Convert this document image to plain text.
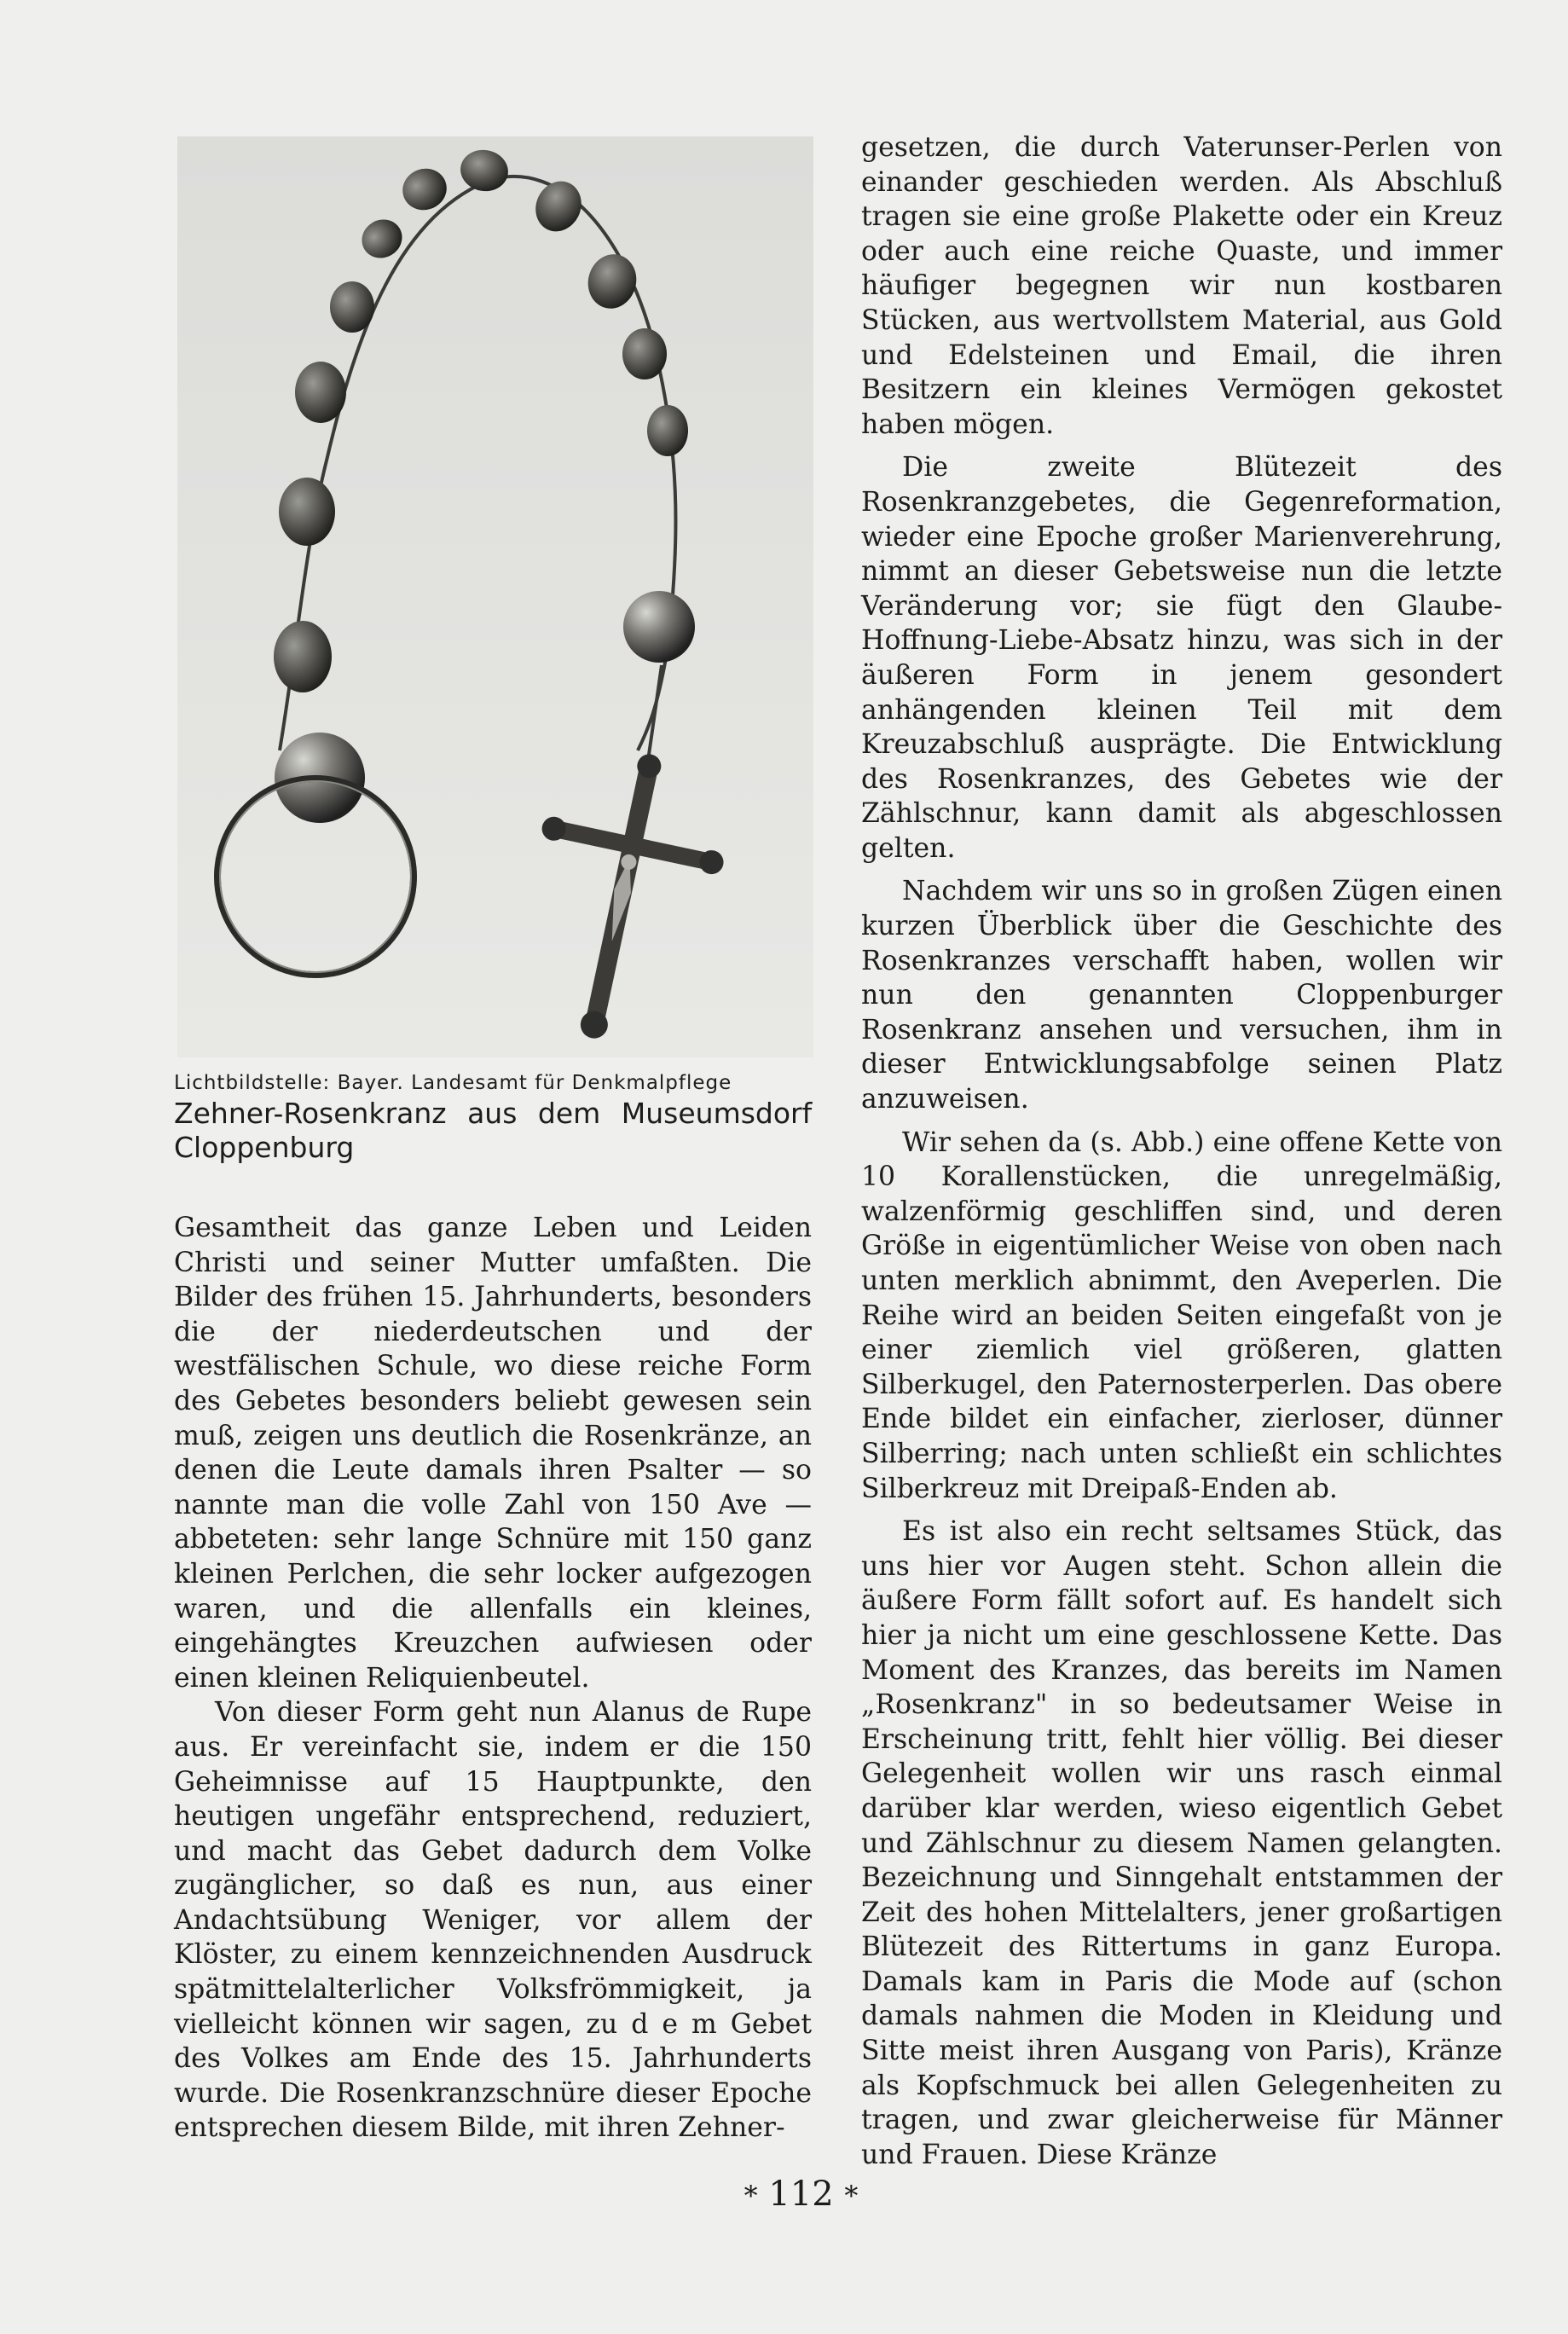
Lichtbildstelle: Bayer. Landesamt für Denkmalpflege
Zehner-Rosenkranz aus dem Museumsdorf Cloppenburg

Gesamtheit das ganze Leben und Leiden Christi und seiner Mutter umfaßten. Die Bilder des frühen 15. Jahrhunderts, besonders die der niederdeutschen und der westfälischen Schule, wo diese reiche Form des Gebetes besonders beliebt gewesen sein muß, zeigen uns deutlich die Rosenkränze, an denen die Leute damals ihren Psalter — so nannte man die volle Zahl von 150 Ave — abbeteten: sehr lange Schnüre mit 150 ganz kleinen Perlchen, die sehr locker aufgezogen waren, und die allenfalls ein kleines, eingehängtes Kreuzchen aufwiesen oder einen kleinen Reliquienbeutel.

Von dieser Form geht nun Alanus de Rupe aus. Er vereinfacht sie, indem er die 150 Geheimnisse auf 15 Hauptpunkte, den heutigen ungefähr entsprechend, reduziert, und macht das Gebet dadurch dem Volke zugänglicher, so daß es nun, aus einer Andachtsübung Weniger, vor allem der Klöster, zu einem kennzeichnenden Ausdruck spätmittelalterlicher Volksfrömmigkeit, ja vielleicht können wir sagen, zu d e m Gebet des Volkes am Ende des 15. Jahrhunderts wurde. Die Rosenkranzschnüre dieser Epoche entsprechen diesem Bilde, mit ihren Zehner-

gesetzen, die durch Vaterunser-Perlen von einander geschieden werden. Als Abschluß tragen sie eine große Plakette oder ein Kreuz oder auch eine reiche Quaste, und immer häufiger begegnen wir nun kostbaren Stücken, aus wertvollstem Material, aus Gold und Edelsteinen und Email, die ihren Besitzern ein kleines Vermögen gekostet haben mögen.

Die zweite Blütezeit des Rosenkranzgebetes, die Gegenreformation, wieder eine Epoche großer Marienverehrung, nimmt an dieser Gebetsweise nun die letzte Veränderung vor; sie fügt den Glaube-Hoffnung-Liebe-Absatz hinzu, was sich in der äußeren Form in jenem gesondert anhängenden kleinen Teil mit dem Kreuzabschluß ausprägte. Die Entwicklung des Rosenkranzes, des Gebetes wie der Zählschnur, kann damit als abgeschlossen gelten.

Nachdem wir uns so in großen Zügen einen kurzen Überblick über die Geschichte des Rosenkranzes verschafft haben, wollen wir nun den genannten Cloppenburger Rosenkranz ansehen und versuchen, ihm in dieser Entwicklungsabfolge seinen Platz anzuweisen.

Wir sehen da (s. Abb.) eine offene Kette von 10 Korallenstücken, die unregelmäßig, walzenförmig geschliffen sind, und deren Größe in eigentümlicher Weise von oben nach unten merklich abnimmt, den Aveperlen. Die Reihe wird an beiden Seiten eingefaßt von je einer ziemlich viel größeren, glatten Silberkugel, den Paternosterperlen. Das obere Ende bildet ein einfacher, zierloser, dünner Silberring; nach unten schließt ein schlichtes Silberkreuz mit Dreipaß-Enden ab.

Es ist also ein recht seltsames Stück, das uns hier vor Augen steht. Schon allein die äußere Form fällt sofort auf. Es handelt sich hier ja nicht um eine geschlossene Kette. Das Moment des Kranzes, das bereits im Namen „Rosenkranz" in so bedeutsamer Weise in Erscheinung tritt, fehlt hier völlig. Bei dieser Gelegenheit wollen wir uns rasch einmal darüber klar werden, wieso eigentlich Gebet und Zählschnur zu diesem Namen gelangten. Bezeichnung und Sinngehalt entstammen der Zeit des hohen Mittelalters, jener großartigen Blütezeit des Rittertums in ganz Europa. Damals kam in Paris die Mode auf (schon damals nahmen die Moden in Kleidung und Sitte meist ihren Ausgang von Paris), Kränze als Kopfschmuck bei allen Gelegenheiten zu tragen, und zwar gleicherweise für Männer und Frauen. Diese Kränze

* 112 *
